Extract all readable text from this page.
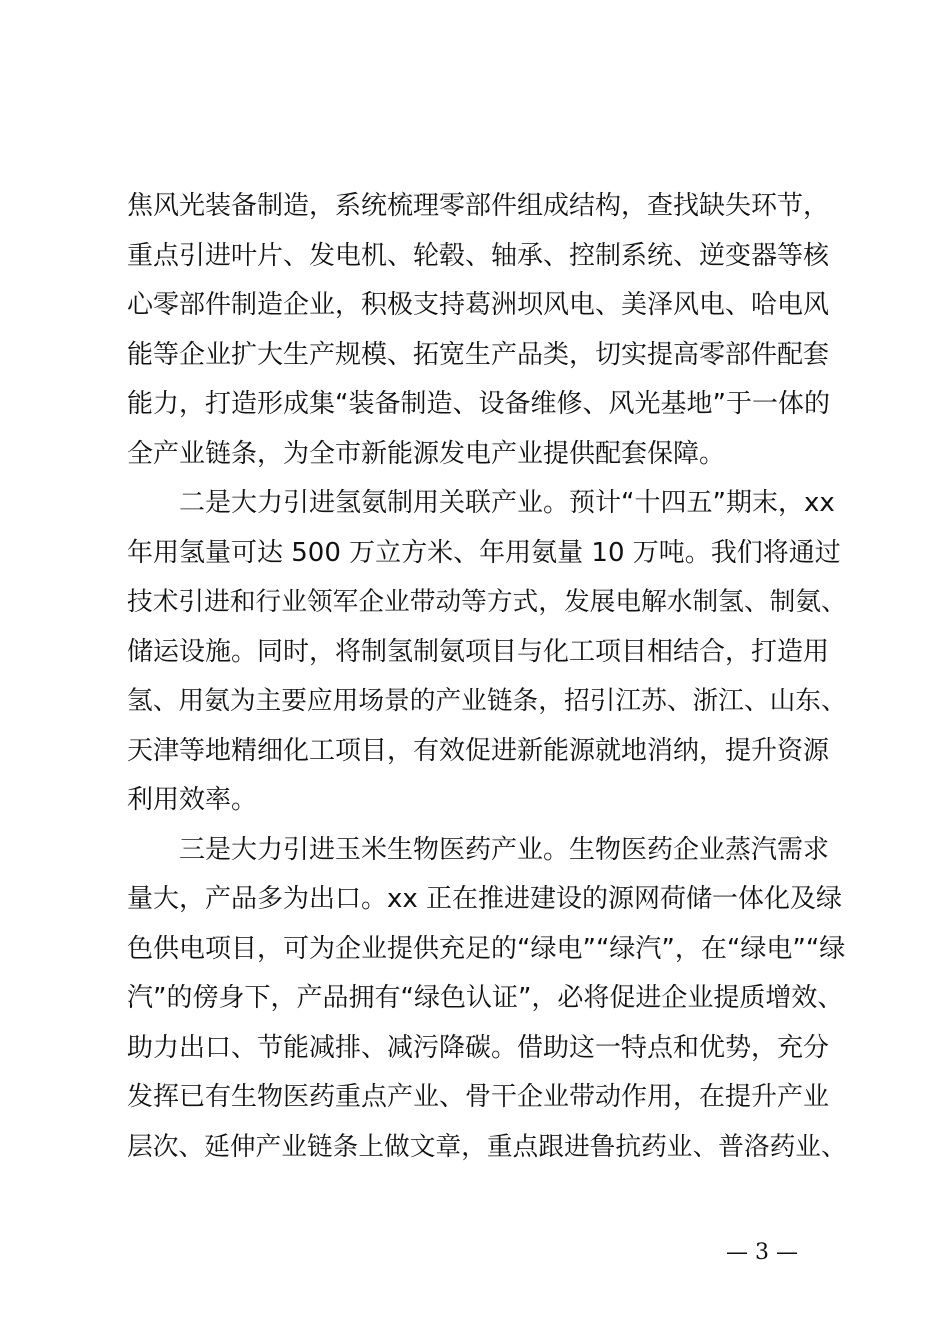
焦风光装备制造，系统梳理零部件组成结构，查找缺失环节，
重点引进叶片、发电机、轮毂、轴承、控制系统、逆变器等核
心零部件制造企业，积极支持葛洲坝风电、美泽风电、哈电风
能等企业扩大生产规模、拓宽生产品类，切实提高零部件配套
能力，打造形成集“装备制造、设备维修、风光基地”于一体的
全产业链条，为全市新能源发电产业提供配套保障。
二是大力引进氢氨制用关联产业。预计“十四五”期末，xx
年用氢量可达 500 万立方米、年用氨量 10 万吨。我们将通过
技术引进和行业领军企业带动等方式，发展电解水制氢、制氨、
储运设施。同时，将制氢制氨项目与化工项目相结合，打造用
氢、用氨为主要应用场景的产业链条，招引江苏、浙江、山东、
天津等地精细化工项目，有效促进新能源就地消纳，提升资源
利用效率。
三是大力引进玉米生物医药产业。生物医药企业蒸汽需求
量大，产品多为出口。xx 正在推进建设的源网荷储一体化及绿
色供电项目，可为企业提供充足的“绿电”“绿汽”，在“绿电”“绿
汽”的傍身下，产品拥有“绿色认证”，必将促进企业提质增效、
助力出口、节能减排、减污降碳。借助这一特点和优势，充分
发挥已有生物医药重点产业、骨干企业带动作用，在提升产业
层次、延伸产业链条上做文章，重点跟进鲁抗药业、普洛药业、
— 3 —
